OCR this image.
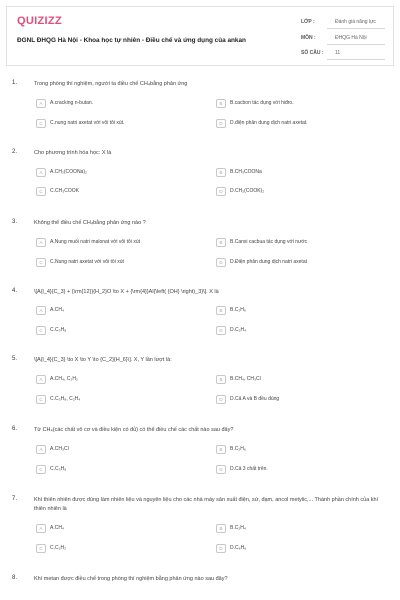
QUIZIZZ
ĐGNL ĐHQG Hà Nội - Khoa học tự nhiên - Điều chế và ứng dụng của ankan
LỚP :	Đánh giá năng lực
MÔN :	ĐHQG Hà Nội
SỐ CÂU :	11
1.	Trong phòng thí nghiệm, người ta điều chế CH₄bằng phản ứng
A	A.cracking n-butan.	B	B.cacbon tác dụng với hiđro.
C	C.nung natri axetat với vôi tôi xút.	D	D.điện phân dung dịch natri axetat.
2.	Cho phương trình hóa học: X là
A	A.CH₂(COONa)₂	B	B.CH₃COONa
C	C.CH₃COOK	D	D.CH₂(COOK)₂
3.	Không thể điều chế CH₄bằng phản ứng nào ?
A	A.Nung muối natri malonat với vôi tôi xút	B	B.Canxi cacbua tác dụng với nước
C	C.Nung natri axetat với vôi tôi xút	D	D.Điện phân dung dịch natri axetat
4.	\[A{l_4}{C_3} + {\rm{12}}{H_2}O \to X + {\rm{4}}Al{\left( {OH} \right)_3}\]. X là
A	A.CH₄	B	B.C₂H₆
C	C.C₃H₈	D	D.C₂H₄
5.	\[A{l_4}{C_3} \to X \to Y \to {C_2}{H_6}\]. X, Y lần lượt là:
A	A.CH₄, C₂H₂	B	B.CH₄, CH₃Cl
C	C.C₃H₈, C₂H₄	D	D.Cả A và B đều đúng
6.	Từ CH₄(các chất vô cơ và điều kiện có đủ) có thể điều chế các chất nào sau đây?
A	A.CH₃Cl	B	B.C₂H₆
C	C.C₃H₈	D	D.Cả 3 chất trên.
7.	Khí thiên nhiên được dùng làm nhiên liệu và nguyên liệu cho các nhà máy sản xuất điện, sứ, đạm, ancol metylic,... Thành phần chính của khí thiên nhiên là
A	A.CH₄	B	B.C₂H₄
C	C.C₂H₂	D	D.C₆H₆
8.	Khí metan được điều chế trong phòng thí nghiệm bằng phản ứng nào sau đây?
